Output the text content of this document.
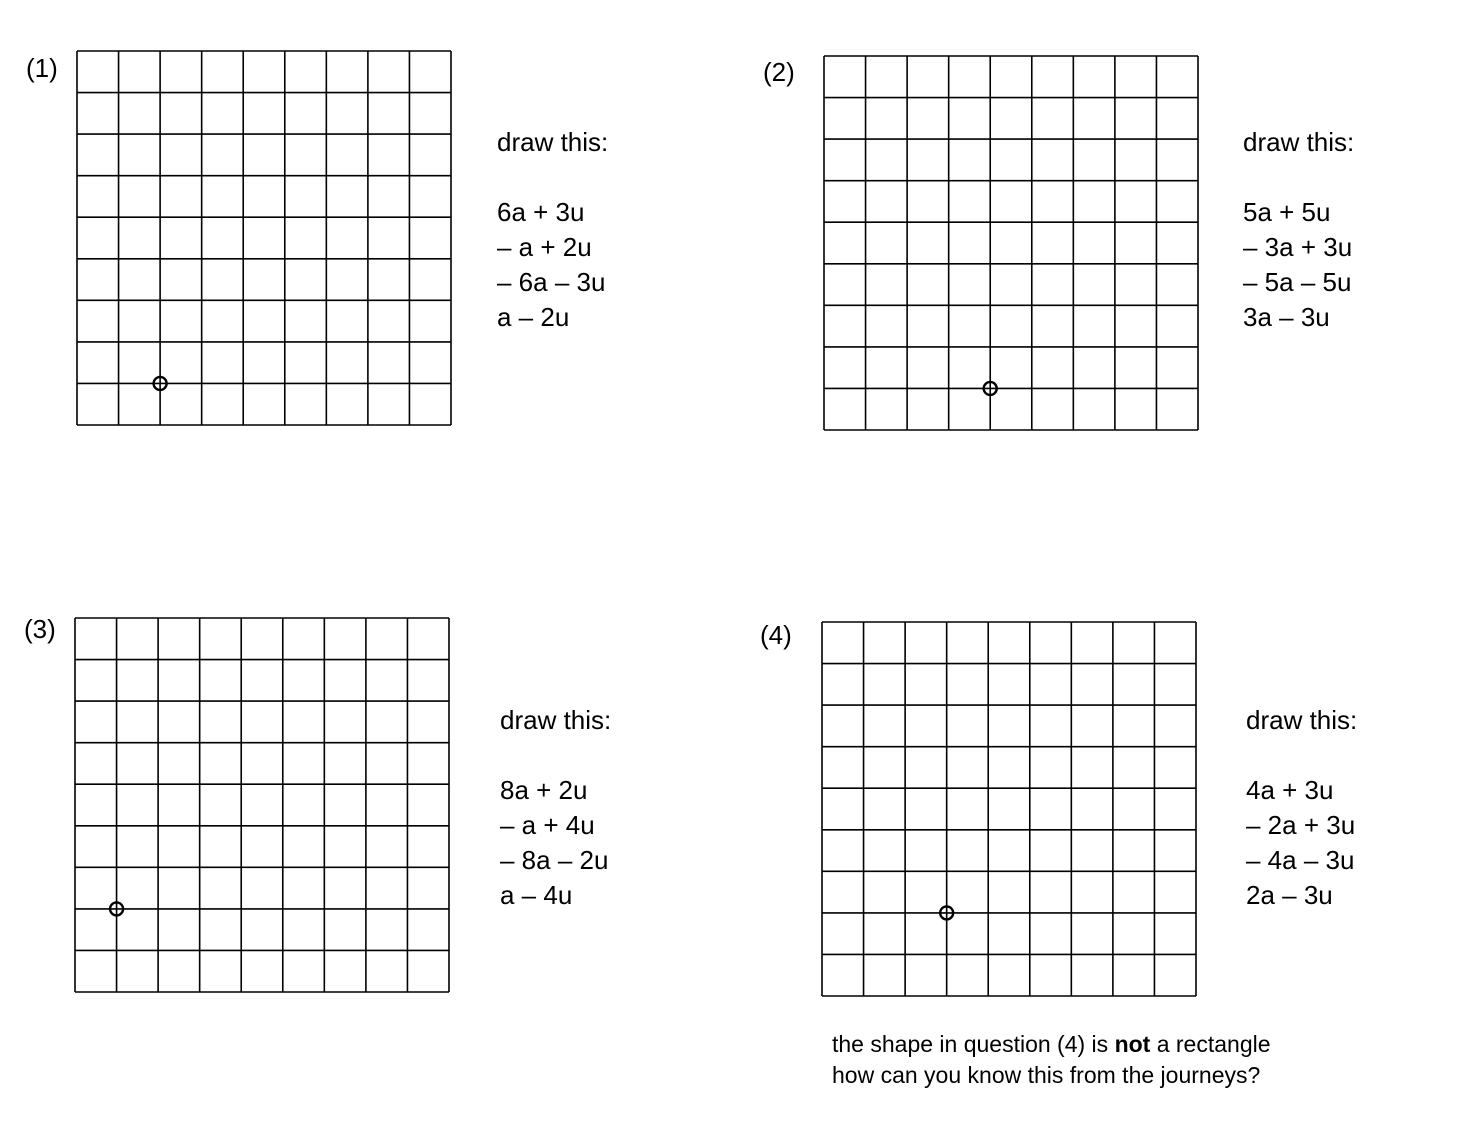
(1)
draw this:
6a + 3u
– a + 2u
– 6a – 3u
a – 2u
(2)
draw this:
5a + 5u
– 3a + 3u
– 5a – 5u
3a – 3u
(3)
draw this:
8a + 2u
– a + 4u
– 8a – 2u
a – 4u
(4)
draw this:
4a + 3u
– 2a + 3u
– 4a – 3u
2a – 3u
the shape in question (4) is not a rectangle
how can you know this from the journeys?
